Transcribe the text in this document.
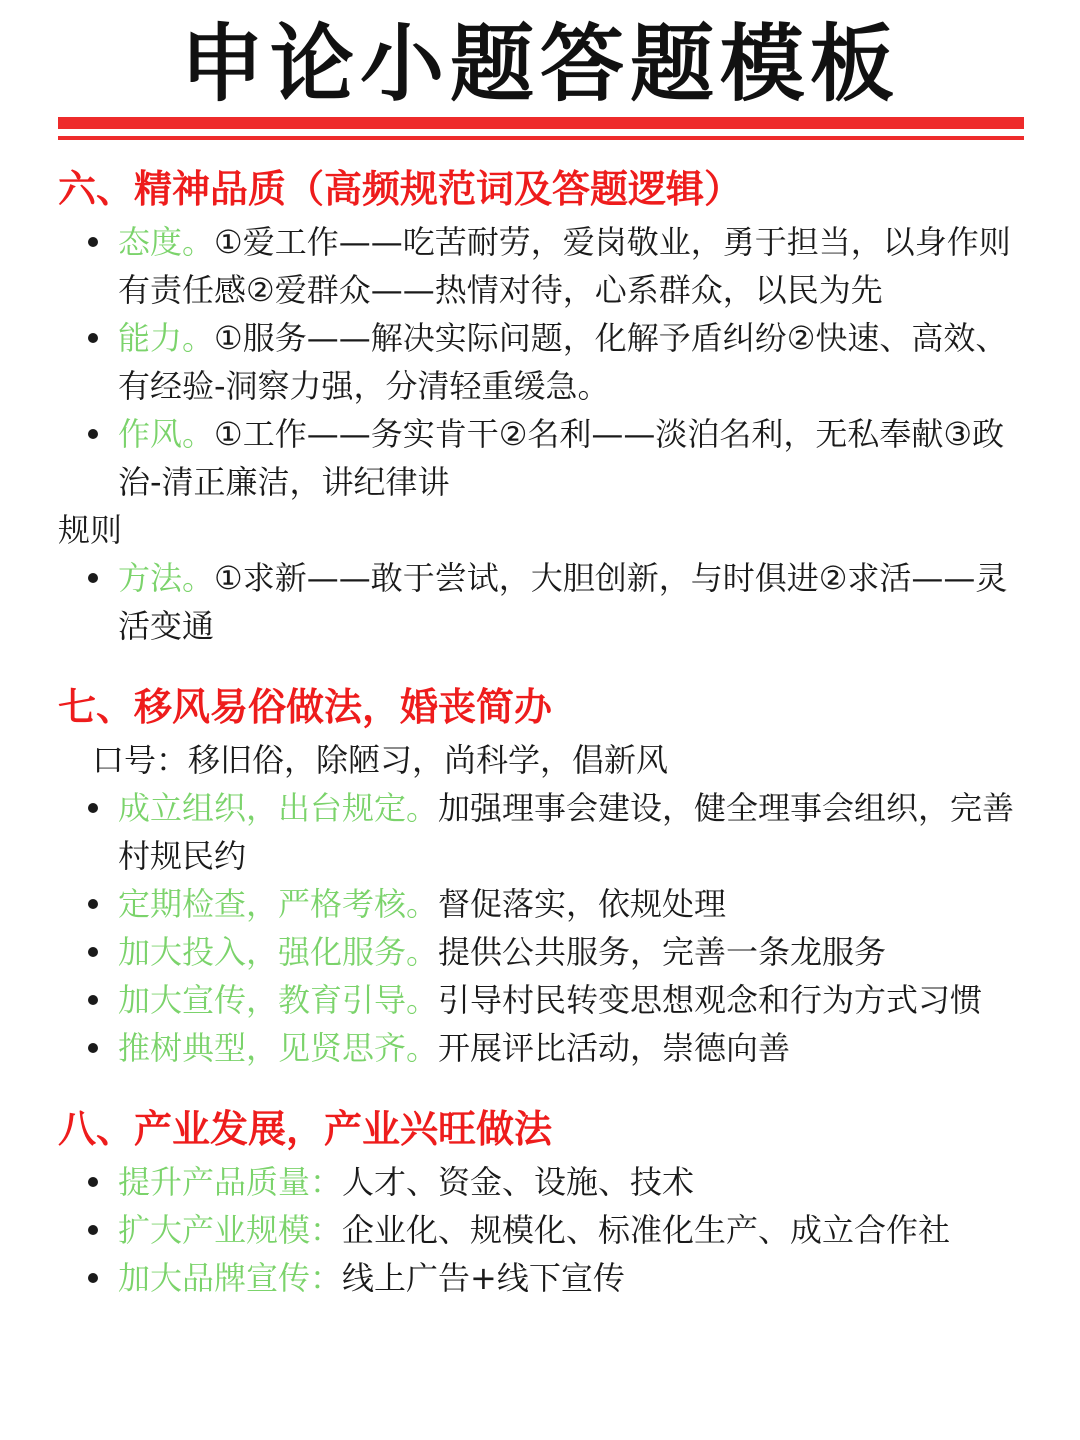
申论小题答题模板
六、精神品质（高频规范词及答题逻辑）
态度。①爱工作——吃苦耐劳，爱岗敬业，勇于担当，以身作则有责任感②爱群众——热情对待，心系群众，以民为先
能力。①服务——解决实际问题，化解予盾纠纷②快速、高效、有经验-洞察力强，分清轻重缓急。
作风。①工作——务实肯干②名利——淡泊名利，无私奉献③政治-清正廉洁，讲纪律讲
规则
方法。①求新——敢于尝试，大胆创新，与时俱进②求活——灵活变通
七、移风易俗做法，婚丧简办
口号：移旧俗，除陋习，尚科学，倡新风
成立组织，出台规定。加强理事会建设，健全理事会组织，完善村规民约
定期检查，严格考核。督促落实，依规处理
加大投入，强化服务。提供公共服务，完善一条龙服务
加大宣传，教育引导。引导村民转变思想观念和行为方式习惯
推树典型，见贤思齐。开展评比活动，崇德向善
八、产业发展，产业兴旺做法
提升产品质量：人才、资金、设施、技术
扩大产业规模：企业化、规模化、标准化生产、成立合作社
加大品牌宣传：线上广告+线下宣传
